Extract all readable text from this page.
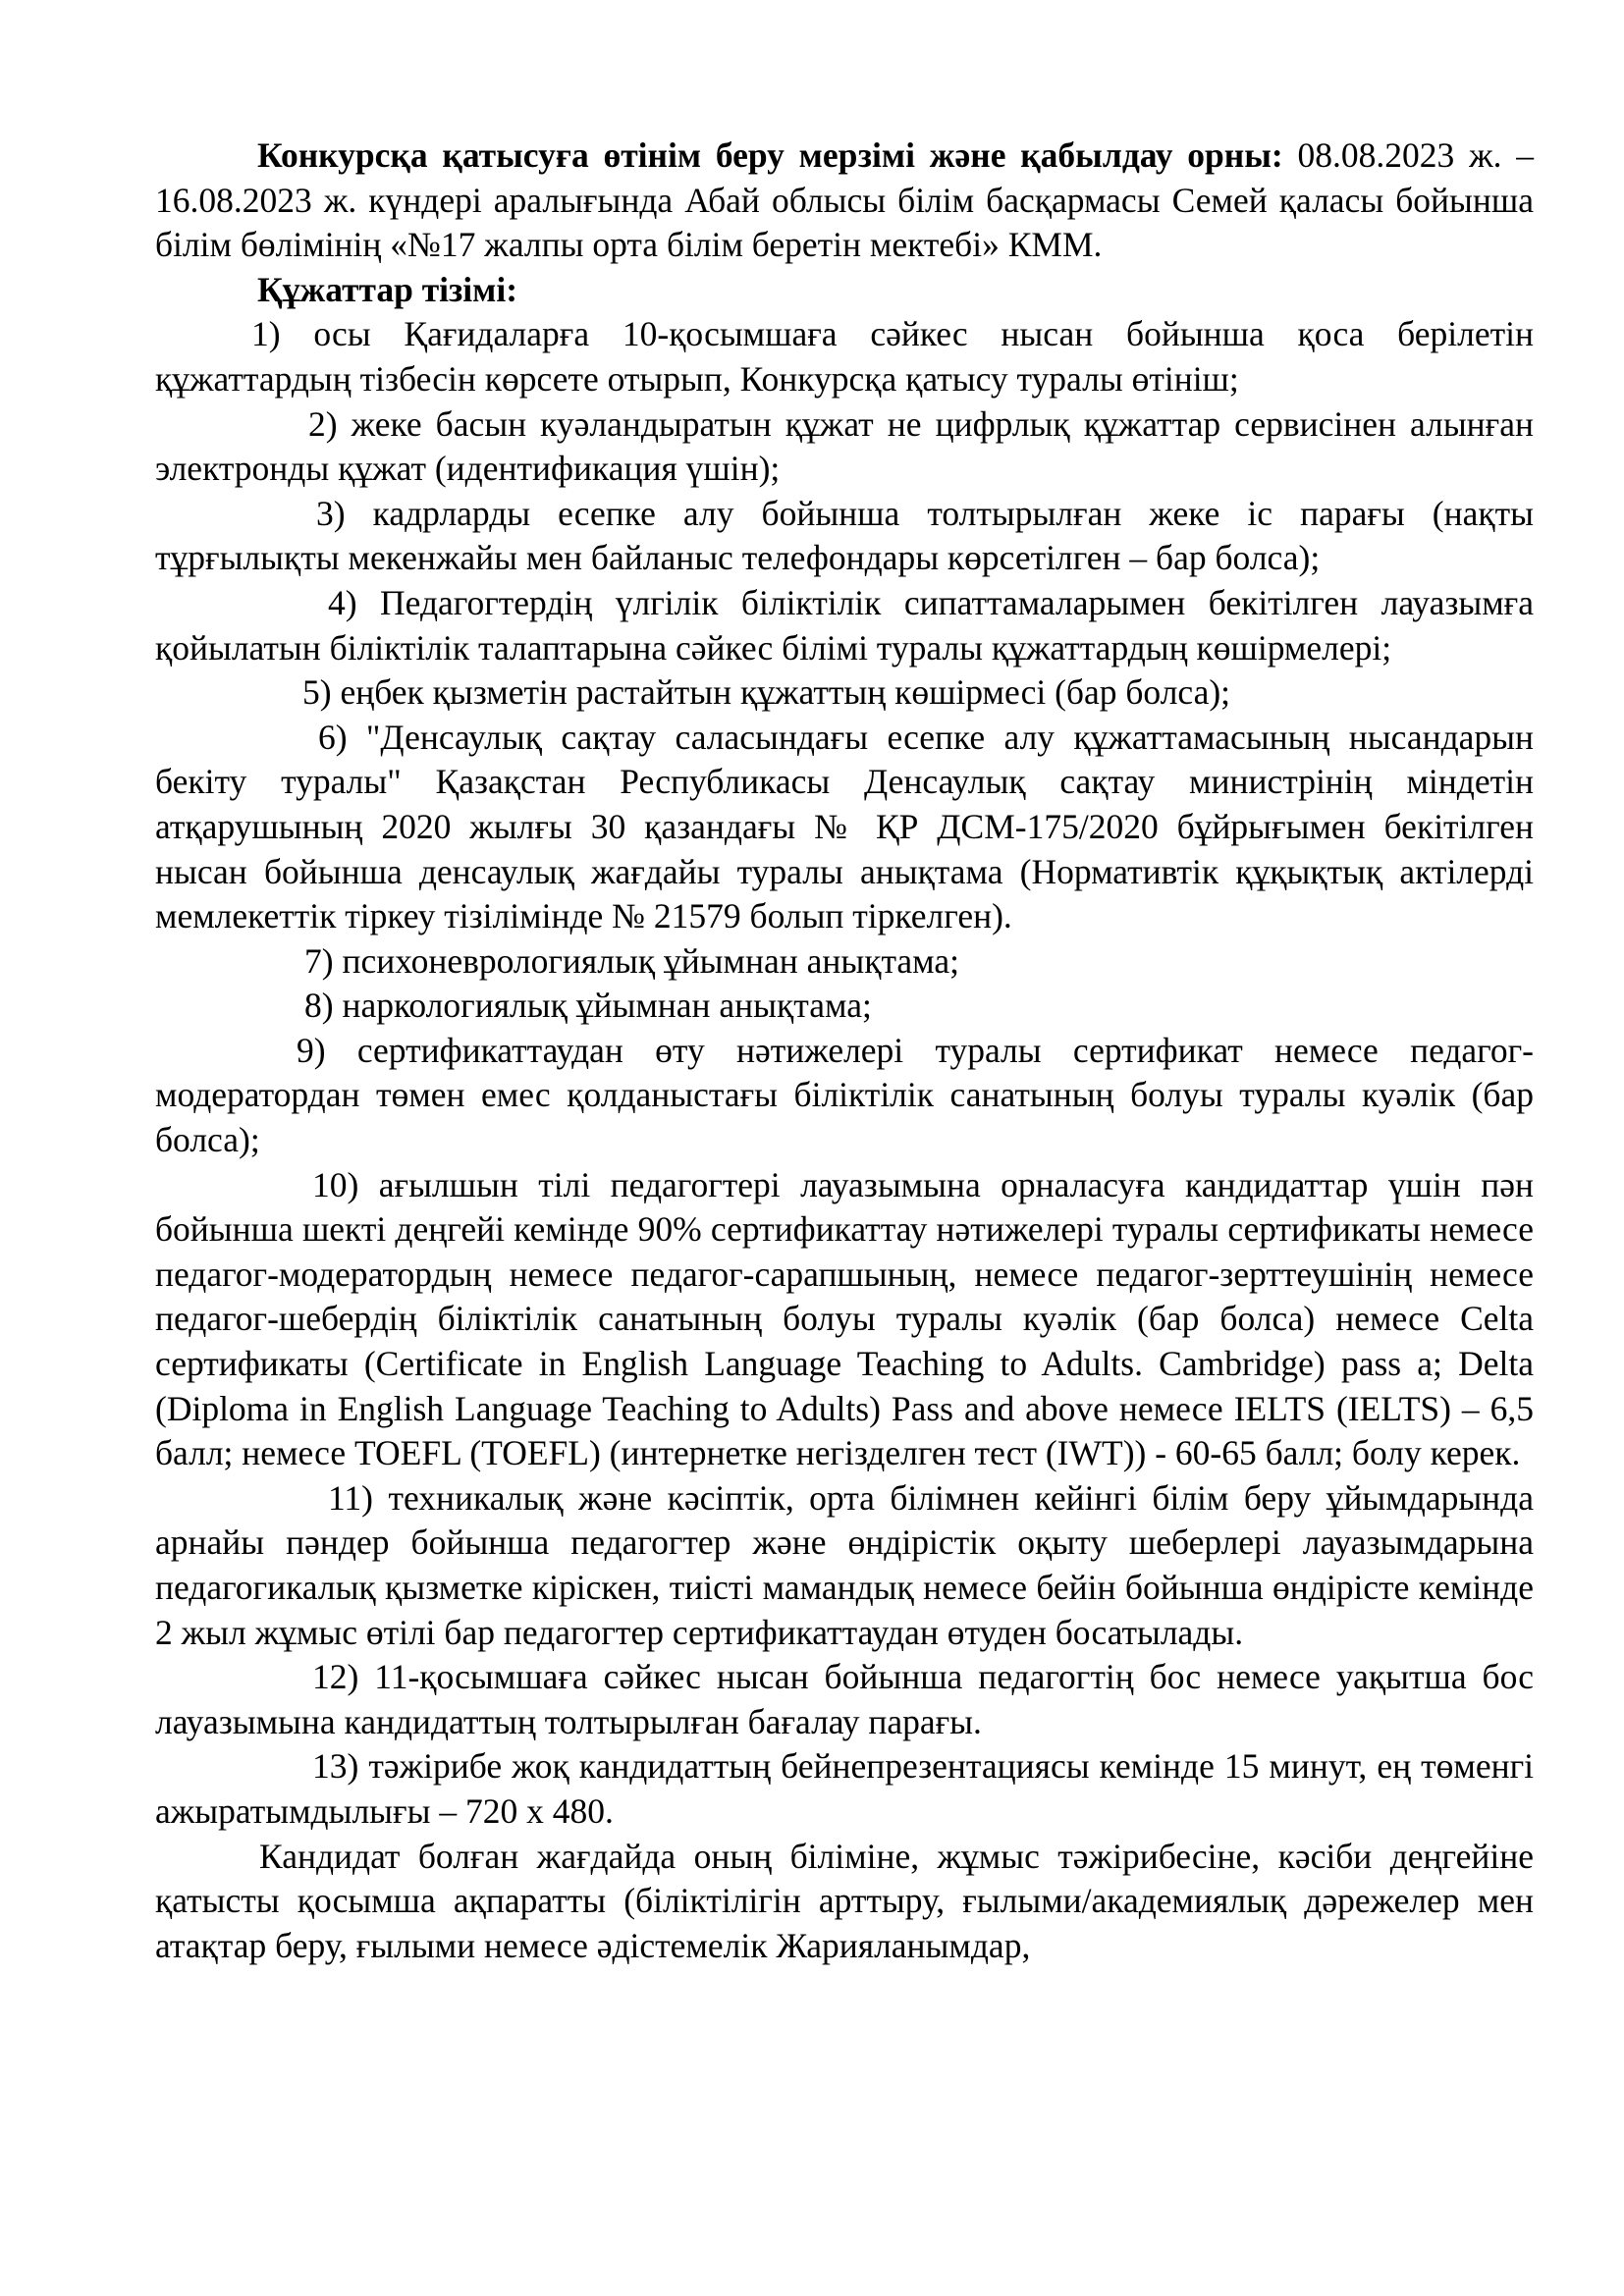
Конкурсқа қатысуға өтінім беру мерзімі және қабылдау орны: 08.08.2023 ж. – 16.08.2023 ж. күндері аралығында Абай облысы білім басқармасы Семей қаласы бойынша білім бөлімінің «№17 жалпы орта білім беретін мектебі» КММ.

Құжаттар тізімі:

1) осы Қағидаларға 10-қосымшаға сәйкес нысан бойынша қоса берілетін құжаттардың тізбесін көрсете отырып, Конкурсқа қатысу туралы өтініш;

2) жеке басын куәландыратын құжат не цифрлық құжаттар сервисінен алынған электронды құжат (идентификация үшін);

3) кадрларды есепке алу бойынша толтырылған жеке іс парағы (нақты тұрғылықты мекенжайы мен байланыс телефондары көрсетілген – бар болса);

4) Педагогтердің үлгілік біліктілік сипаттамаларымен бекітілген лауазымға қойылатын біліктілік талаптарына сәйкес білімі туралы құжаттардың көшірмелері;

5) еңбек қызметін растайтын құжаттың көшірмесі (бар болса);

6) "Денсаулық сақтау саласындағы есепке алу құжаттамасының нысандарын бекіту туралы" Қазақстан Республикасы Денсаулық сақтау министрінің міндетін атқарушының 2020 жылғы 30 қазандағы № ҚР ДСМ-175/2020 бұйрығымен бекітілген нысан бойынша денсаулық жағдайы туралы анықтама (Нормативтік құқықтық актілерді мемлекеттік тіркеу тізілімінде № 21579 болып тіркелген).

7) психоневрологиялық ұйымнан анықтама;

8) наркологиялық ұйымнан анықтама;

9) сертификаттаудан өту нәтижелері туралы сертификат немесе педагог-модератордан төмен емес қолданыстағы біліктілік санатының болуы туралы куәлік (бар болса);

10) ағылшын тілі педагогтері лауазымына орналасуға кандидаттар үшін пән бойынша шекті деңгейі кемінде 90% сертификаттау нәтижелері туралы сертификаты немесе педагог-модератордың немесе педагог-сарапшының, немесе педагог-зерттеушінің немесе педагог-шебердің біліктілік санатының болуы туралы куәлік (бар болса) немесе Celta сертификаты (Certificate in English Language Teaching to Adults. Cambridge) pass a; Delta (Diploma in English Language Teaching to Adults) Pass and above немесе IELTS (IELTS) – 6,5 балл; немесе TOEFL (TOEFL) (интернетке негізделген тест (IWT)) - 60-65 балл; болу керек.

11) техникалық және кәсіптік, орта білімнен кейінгі білім беру ұйымдарында арнайы пәндер бойынша педагогтер және өндірістік оқыту шеберлері лауазымдарына педагогикалық қызметке кіріскен, тиісті мамандық немесе бейін бойынша өндірісте кемінде 2 жыл жұмыс өтілі бар педагогтер сертификаттаудан өтуден босатылады.

12) 11-қосымшаға сәйкес нысан бойынша педагогтің бос немесе уақытша бос лауазымына кандидаттың толтырылған бағалау парағы.

13) тәжірибе жоқ кандидаттың бейнепрезентациясы кемінде 15 минут, ең төменгі ажыратымдылығы – 720 x 480.

Кандидат болған жағдайда оның біліміне, жұмыс тәжірибесіне, кәсіби деңгейіне қатысты қосымша ақпаратты (біліктілігін арттыру, ғылыми/академиялық дәрежелер мен атақтар беру, ғылыми немесе әдістемелік Жарияланымдар,
